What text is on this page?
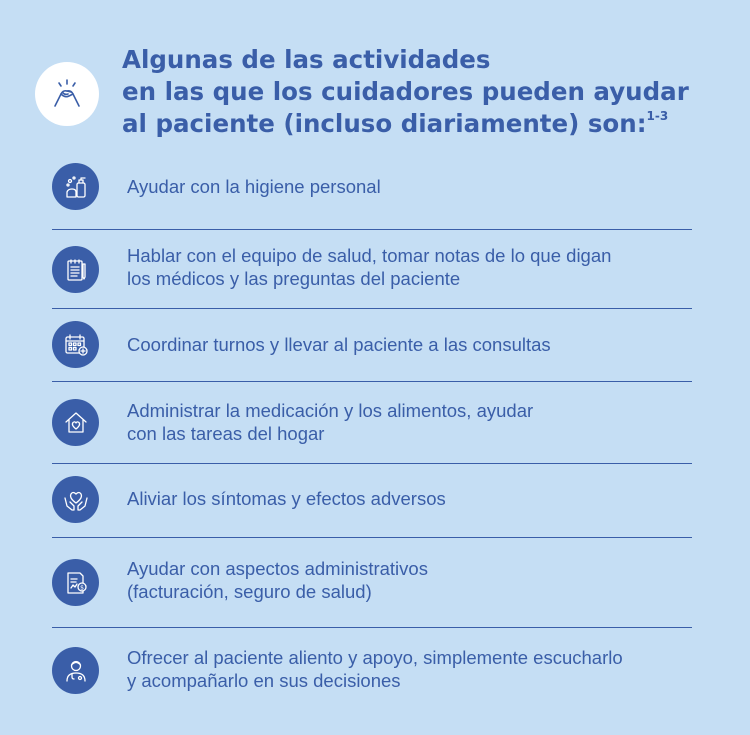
Algunas de las actividades
en las que los cuidadores pueden ayudar
al paciente (incluso diariamente) son:$^{1-3}$
Ayudar con la higiene personal
Hablar con el equipo de salud, tomar notas de lo que digan
los médicos y las preguntas del paciente
Coordinar turnos y llevar al paciente a las consultas
Administrar la medicación y los alimentos, ayudar
con las tareas del hogar
Aliviar los síntomas y efectos adversos
$
Ayudar con aspectos administrativos
(facturación, seguro de salud)
Ofrecer al paciente aliento y apoyo, simplemente escucharlo
y acompañarlo en sus decisiones
